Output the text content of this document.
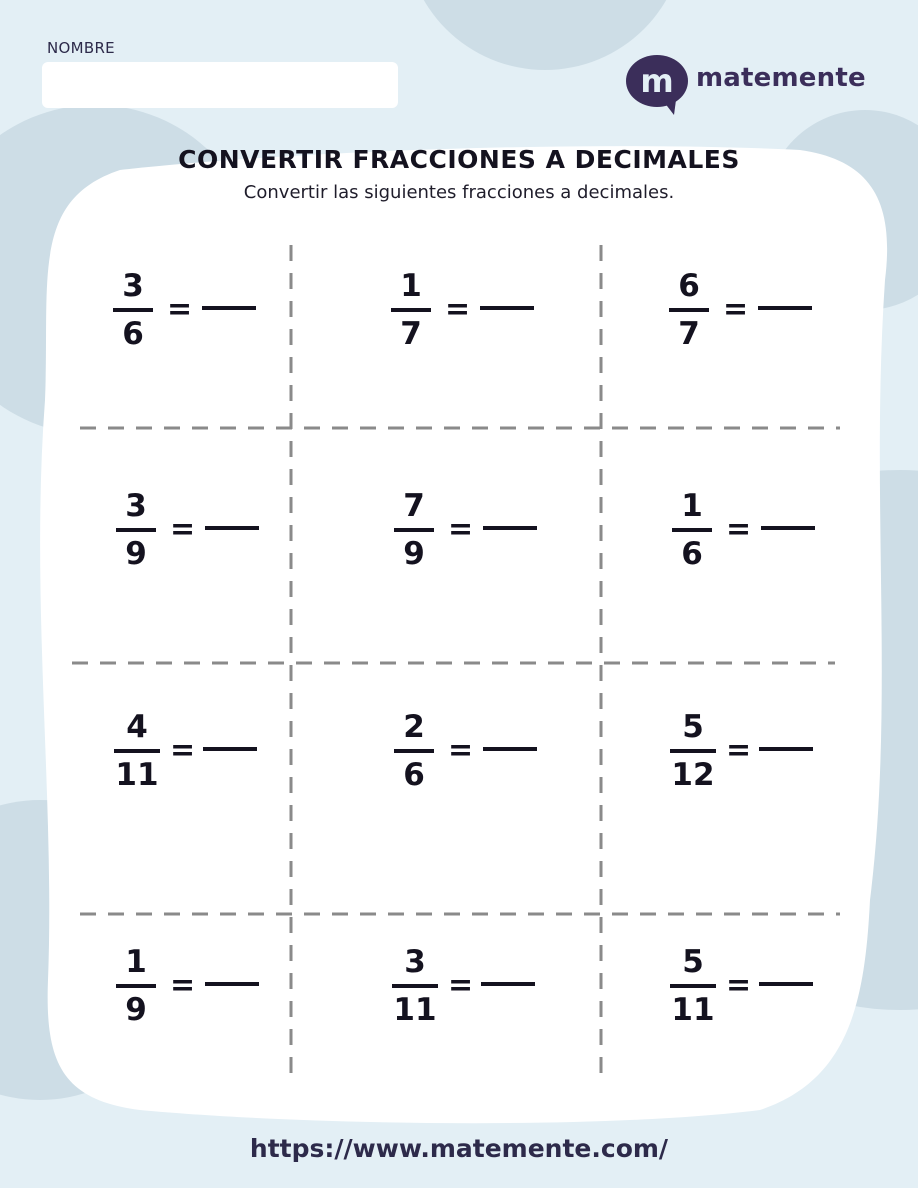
NOMBRE
m matemente
CONVERTIR FRACCIONES A DECIMALES
Convertir las siguientes fracciones a decimales.
3
6
=
1
7
=
6
7
=
3
9
=
7
9
=
1
6
=
4
11
=
2
6
=
5
12
=
1
9
=
3
11
=
5
11
=
https://www.matemente.com/
